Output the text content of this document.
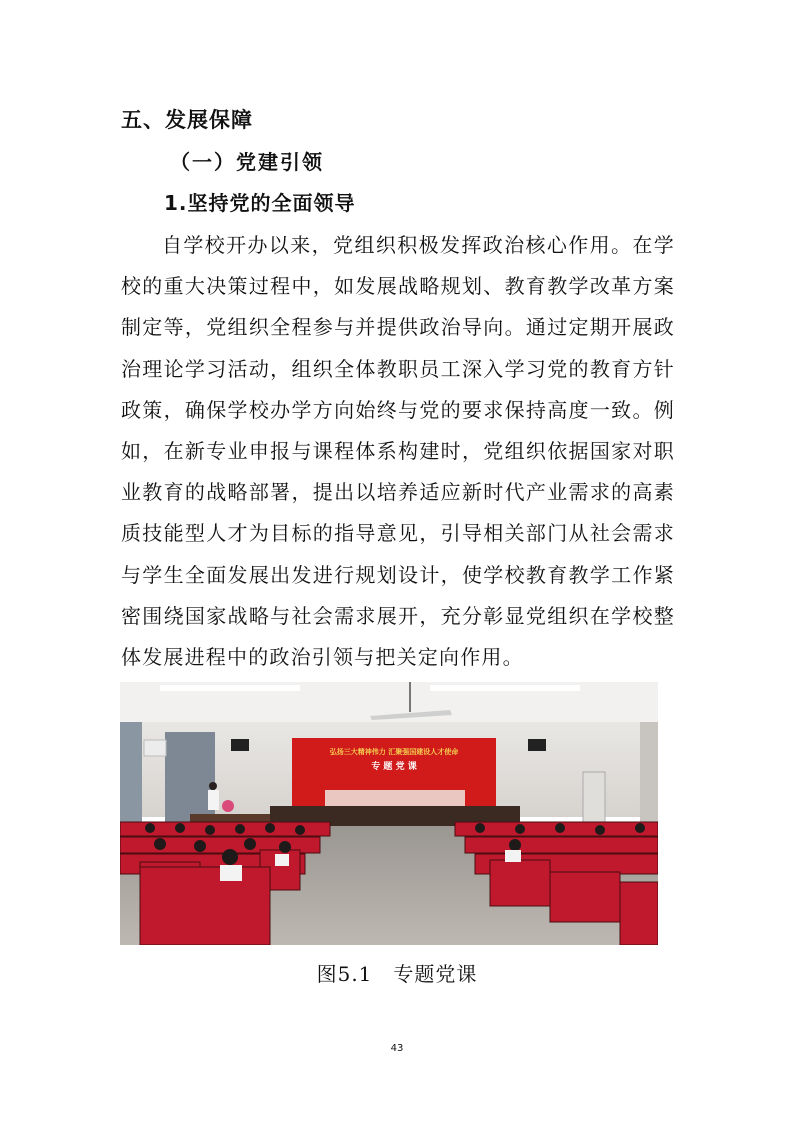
五、发展保障
（一）党建引领
1.坚持党的全面领导

自学校开办以来，党组织积极发挥政治核心作用。在学校的重大决策过程中，如发展战略规划、教育教学改革方案制定等，党组织全程参与并提供政治导向。通过定期开展政治理论学习活动，组织全体教职员工深入学习党的教育方针政策，确保学校办学方向始终与党的要求保持高度一致。例如，在新专业申报与课程体系构建时，党组织依据国家对职业教育的战略部署，提出以培养适应新时代产业需求的高素质技能型人才为目标的指导意见，引导相关部门从社会需求与学生全面发展出发进行规划设计，使学校教育教学工作紧密围绕国家战略与社会需求展开，充分彰显党组织在学校整体发展进程中的政治引领与把关定向作用。

弘扬三大精神伟力 汇聚强国建设人才使命
专 题 党 课
图5.1　专题党课
43
